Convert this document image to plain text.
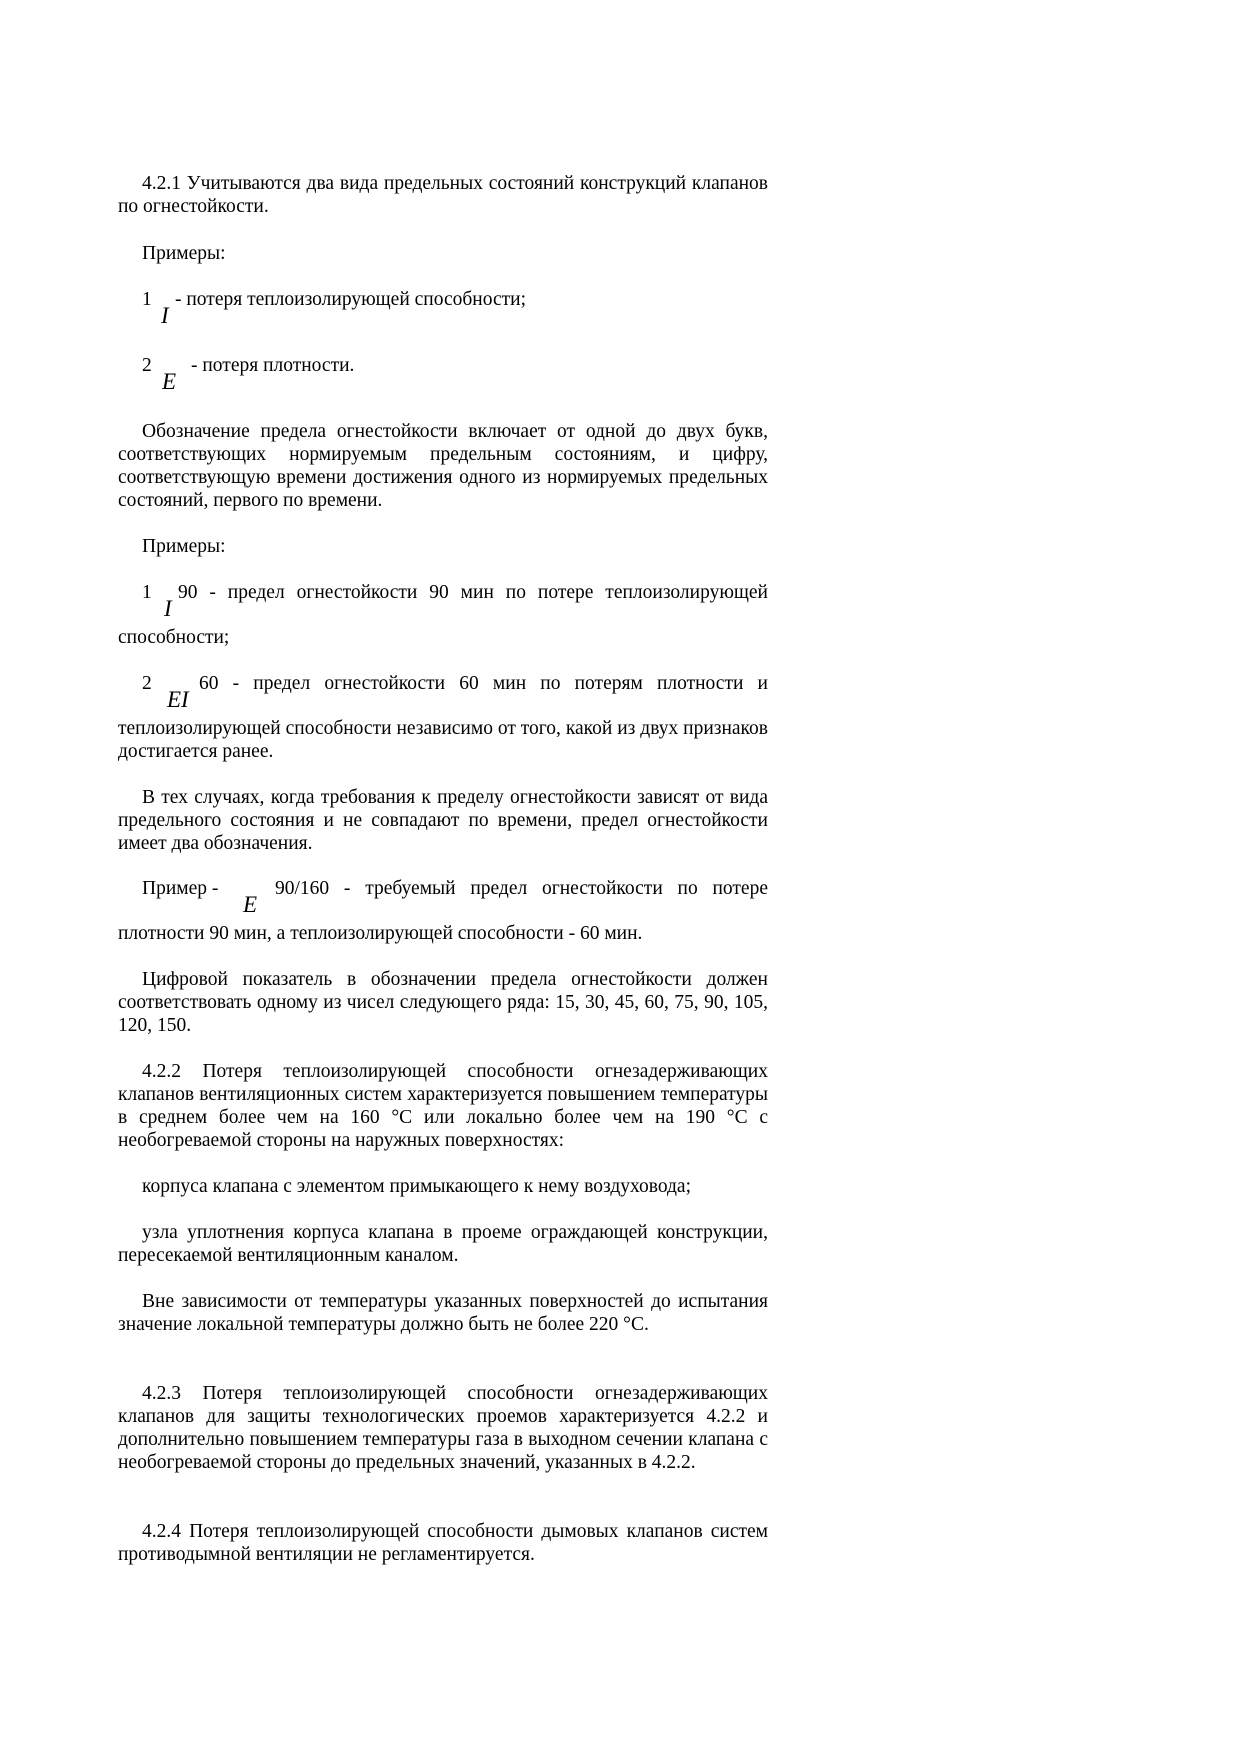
4.2.1 Учитываются два вида предельных состояний конструкций клапанов по огнестойкости.

Примеры:

1
I
- потеря теплоизолирующей способности;
2
E
- потеря плотности.

Обозначение предела огнестойкости включает от одной до двух букв, соответствующих нормируемым предельным состояниям, и цифру, соответствующую времени достижения одного из нормируемых предельных состояний, первого по времени.

Примеры:

1
I

90 - предел огнестойкости 90 мин по потере теплоизолирующей

способности;

2
EI

60 - предел огнестойкости 60 мин по потерям плотности и

теплоизолирующей способности независимо от того, какой из двух признаков достигается ранее.

В тех случаях, когда требования к пределу огнестойкости зависят от вида предельного состояния и не совпадают по времени, предел огнестойкости имеет два обозначения.

Пример -
E

90/160 - требуемый предел огнестойкости по потере

плотности 90 мин, а теплоизолирующей способности - 60 мин.

Цифровой показатель в обозначении предела огнестойкости должен соответствовать одному из чисел следующего ряда: 15, 30, 45, 60, 75, 90, 105, 120, 150.

4.2.2 Потеря теплоизолирующей способности огнезадерживающих клапанов вентиляционных систем характеризуется повышением температуры в среднем более чем на 160 °С или локально более чем на 190 °С с необогреваемой стороны на наружных поверхностях:

корпуса клапана с элементом примыкающего к нему воздуховода;

узла уплотнения корпуса клапана в проеме ограждающей конструкции, пересекаемой вентиляционным каналом.

Вне зависимости от температуры указанных поверхностей до испытания значение локальной температуры должно быть не более 220 °С.

4.2.3 Потеря теплоизолирующей способности огнезадерживающих клапанов для защиты технологических проемов характеризуется 4.2.2 и дополнительно повышением температуры газа в выходном сечении клапана с необогреваемой стороны до предельных значений, указанных в 4.2.2.

4.2.4 Потеря теплоизолирующей способности дымовых клапанов систем противодымной вентиляции не регламентируется.
